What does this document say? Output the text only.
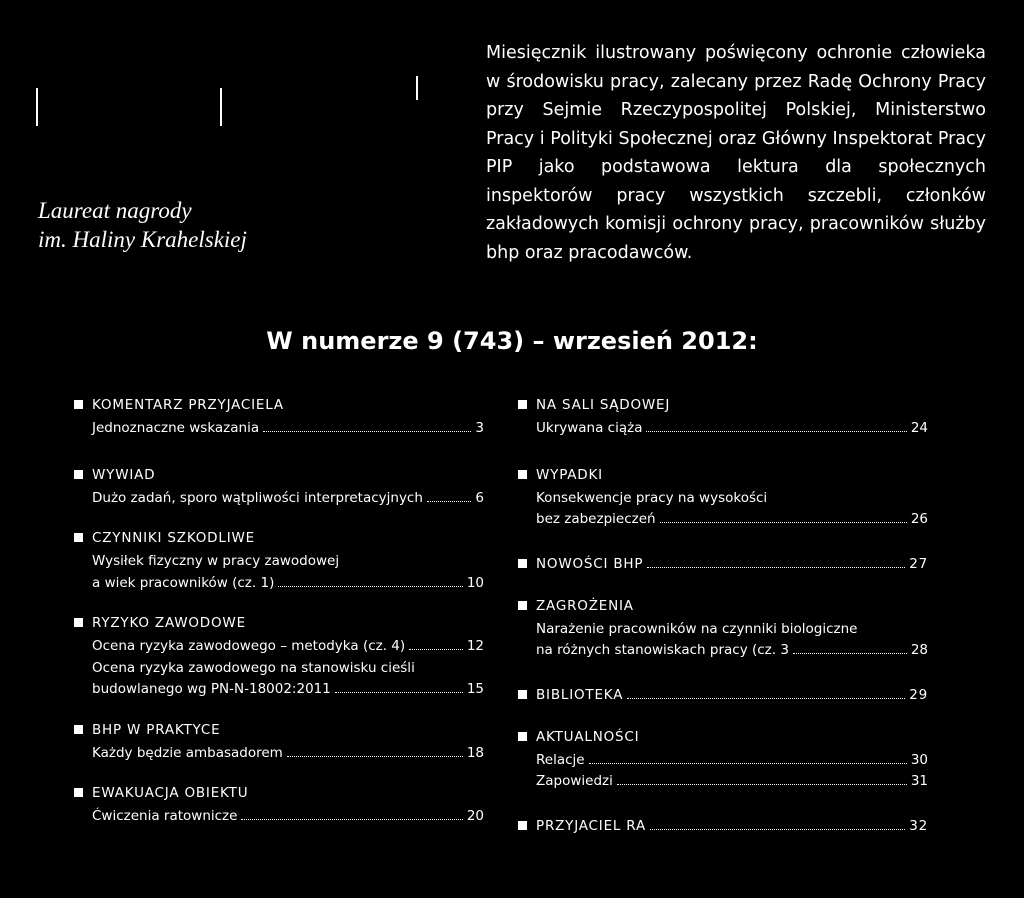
Laureat nagrody
im. Haliny Krahelskiej
Miesięcznik ilustrowany poświęcony ochronie człowieka w środowisku pracy, zalecany przez Radę Ochrony Pracy przy Sejmie Rzeczypospolitej Polskiej, Ministerstwo Pracy i Polityki Społecznej oraz Główny Inspektorat Pracy PIP jako podstawowa lektura dla społecznych inspektorów pracy wszystkich szczebli, członków zakładowych komisji ochrony pracy, pracowników służby bhp oraz pracodawców.
W numerze 9 (743) – wrzesień 2012:
KOMENTARZ PRZYJACIELA
Jednoznaczne wskazania	3
WYWIAD
Dużo zadań, sporo wątpliwości interpretacyjnych	6
CZYNNIKI SZKODLIWE
Wysiłek fizyczny w pracy zawodowej
a wiek pracowników (cz. 1)	10
RYZYKO ZAWODOWE
Ocena ryzyka zawodowego – metodyka (cz. 4)	12
Ocena ryzyka zawodowego na stanowisku cieśli
budowlanego wg PN-N-18002:2011	15
BHP W PRAKTYCE
Każdy będzie ambasadorem	18
EWAKUACJA OBIEKTU
Ćwiczenia ratownicze	20
NA SALI SĄDOWEJ
Ukrywana ciąża	24
WYPADKI
Konsekwencje pracy na wysokości
bez zabezpieczeń	26
NOWOŚCI BHP	27
ZAGROŻENIA
Narażenie pracowników na czynniki biologiczne
na różnych stanowiskach pracy (cz. 3	28
BIBLIOTEKA	29
AKTUALNOŚCI
Relacje	30
Zapowiedzi	31
PRZYJACIEL RA	32
